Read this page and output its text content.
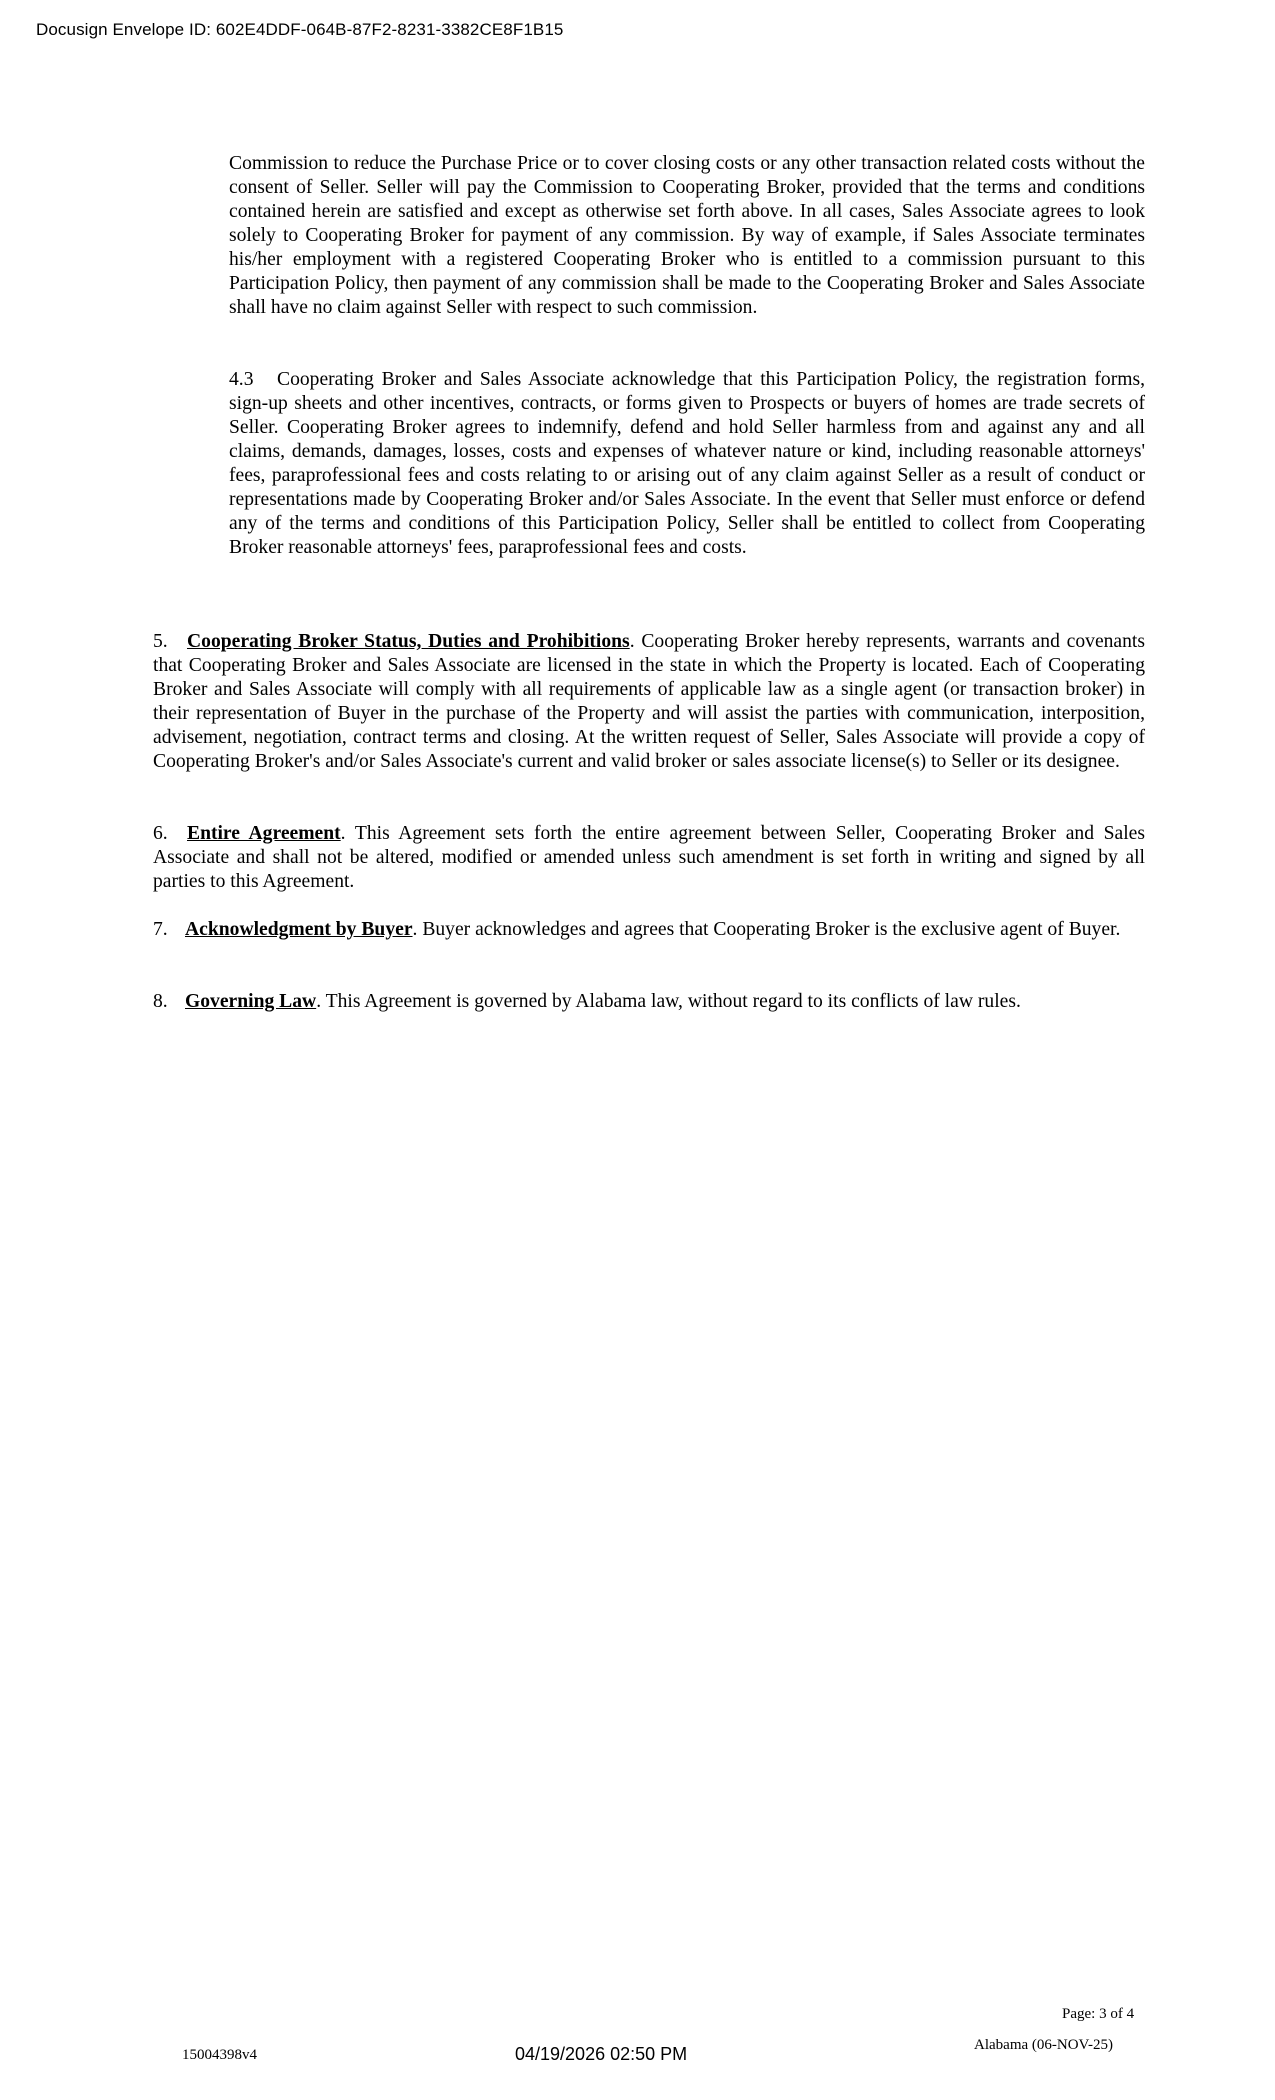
Docusign Envelope ID: 602E4DDF-064B-87F2-8231-3382CE8F1B15

Commission to reduce the Purchase Price or to cover closing costs or any other transaction related costs without the consent of Seller. Seller will pay the Commission to Cooperating Broker, provided that the terms and conditions contained herein are satisfied and except as otherwise set forth above. In all cases, Sales Associate agrees to look solely to Cooperating Broker for payment of any commission. By way of example, if Sales Associate terminates his/her employment with a registered Cooperating Broker who is entitled to a commission pursuant to this Participation Policy, then payment of any commission shall be made to the Cooperating Broker and Sales Associate shall have no claim against Seller with respect to such commission.

4.3 Cooperating Broker and Sales Associate acknowledge that this Participation Policy, the registration forms, sign-up sheets and other incentives, contracts, or forms given to Prospects or buyers of homes are trade secrets of Seller. Cooperating Broker agrees to indemnify, defend and hold Seller harmless from and against any and all claims, demands, damages, losses, costs and expenses of whatever nature or kind, including reasonable attorneys' fees, paraprofessional fees and costs relating to or arising out of any claim against Seller as a result of conduct or representations made by Cooperating Broker and/or Sales Associate. In the event that Seller must enforce or defend any of the terms and conditions of this Participation Policy, Seller shall be entitled to collect from Cooperating Broker reasonable attorneys' fees, paraprofessional fees and costs.

5. Cooperating Broker Status, Duties and Prohibitions. Cooperating Broker hereby represents, warrants and covenants that Cooperating Broker and Sales Associate are licensed in the state in which the Property is located. Each of Cooperating Broker and Sales Associate will comply with all requirements of applicable law as a single agent (or transaction broker) in their representation of Buyer in the purchase of the Property and will assist the parties with communication, interposition, advisement, negotiation, contract terms and closing. At the written request of Seller, Sales Associate will provide a copy of Cooperating Broker's and/or Sales Associate's current and valid broker or sales associate license(s) to Seller or its designee.

6. Entire Agreement. This Agreement sets forth the entire agreement between Seller, Cooperating Broker and Sales Associate and shall not be altered, modified or amended unless such amendment is set forth in writing and signed by all parties to this Agreement.

7. Acknowledgment by Buyer. Buyer acknowledges and agrees that Cooperating Broker is the exclusive agent of Buyer.

8. Governing Law. This Agreement is governed by Alabama law, without regard to its conflicts of law rules.

Page: 3 of 4
15004398v4	04/19/2026 02:50 PM	Alabama (06-NOV-25)
